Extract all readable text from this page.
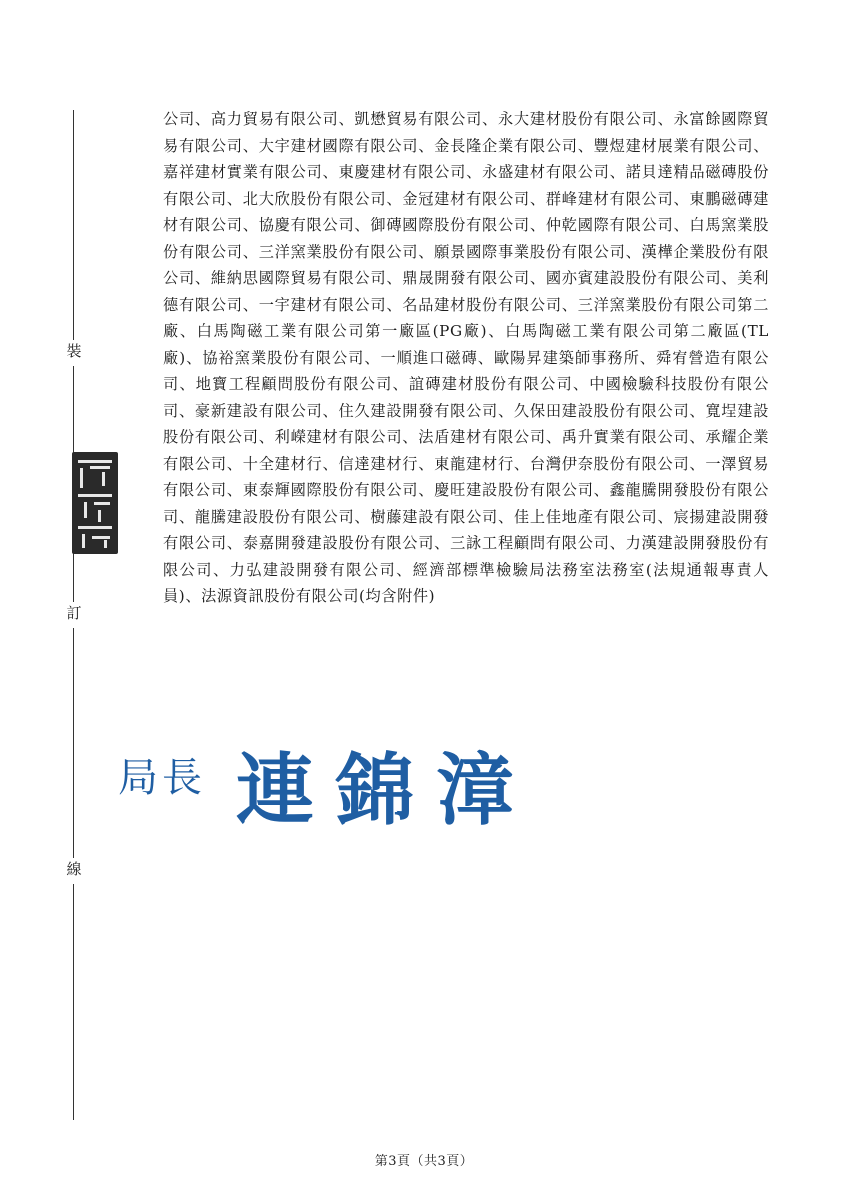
裝
訂
線
公司、高力貿易有限公司、凱懋貿易有限公司、永大建材股份有限公司、永富餘國際貿易有限公司、大宇建材國際有限公司、金長隆企業有限公司、豐煜建材展業有限公司、嘉祥建材實業有限公司、東慶建材有限公司、永盛建材有限公司、諾貝達精品磁磚股份有限公司、北大欣股份有限公司、金冠建材有限公司、群峰建材有限公司、東鵬磁磚建材有限公司、協慶有限公司、御磚國際股份有限公司、仲乾國際有限公司、白馬窯業股份有限公司、三洋窯業股份有限公司、願景國際事業股份有限公司、漢樺企業股份有限公司、維納思國際貿易有限公司、鼎晟開發有限公司、國亦賓建設股份有限公司、美利德有限公司、一宇建材有限公司、名品建材股份有限公司、三洋窯業股份有限公司第二廠、白馬陶磁工業有限公司第一廠區(PG廠)、白馬陶磁工業有限公司第二廠區(TL廠)、協裕窯業股份有限公司、一順進口磁磚、歐陽昇建築師事務所、舜宥營造有限公司、地寶工程顧問股份有限公司、誼磚建材股份有限公司、中國檢驗科技股份有限公司、豪新建設有限公司、住久建設開發有限公司、久保田建設股份有限公司、寬埕建設股份有限公司、利嶸建材有限公司、法盾建材有限公司、禹升實業有限公司、承耀企業有限公司、十全建材行、信達建材行、東龍建材行、台灣伊奈股份有限公司、一澤貿易有限公司、東泰輝國際股份有限公司、慶旺建設股份有限公司、鑫龍騰開發股份有限公司、龍騰建設股份有限公司、樹藤建設有限公司、佳上佳地產有限公司、宸揚建設開發有限公司、泰嘉開發建設股份有限公司、三詠工程顧問有限公司、力漢建設開發股份有限公司、力弘建設開發有限公司、經濟部標準檢驗局法務室法務室(法規通報專責人員)、法源資訊股份有限公司(均含附件)
局長 連錦漳
第3頁（共3頁）
